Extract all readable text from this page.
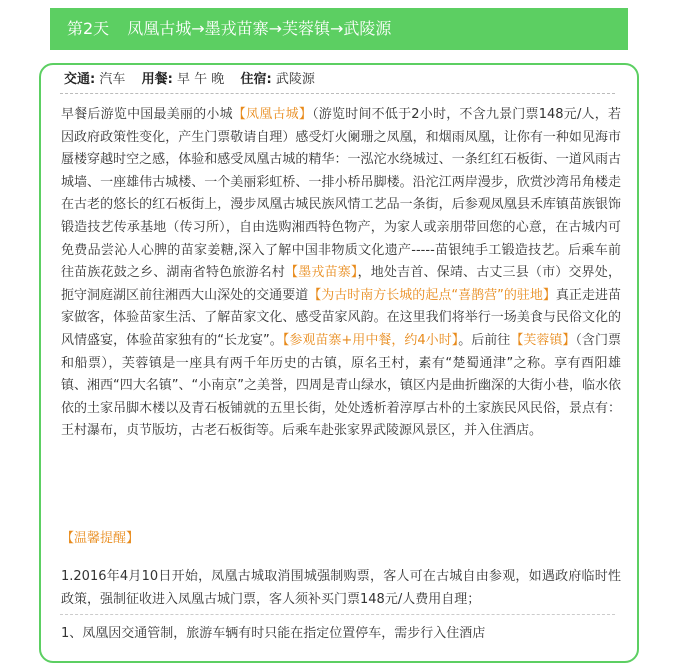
第2天 凤凰古城→墨戎苗寨→芙蓉镇→武陵源
交通: 汽车 用餐: 早 午 晚 住宿: 武陵源
早餐后游览中国最美丽的小城【凤凰古城】（游览时间不低于2小时，不含九景门票148元/人，若因政府政策性变化，产生门票敬请自理）感受灯火阑珊之凤凰，和烟雨凤凰，让你有一种如见海市蜃楼穿越时空之感，体验和感受凤凰古城的精华：一泓沱水绕城过、一条红红石板街、一道风雨古城墙、一座雄伟古城楼、一个美丽彩虹桥、一排小桥吊脚楼。沿沱江两岸漫步，欣赏沙湾吊角楼走在古老的悠长的红石板街上，漫步凤凰古城民族风情工艺品一条街，后参观凤凰县禾库镇苗族银饰锻造技艺传承基地（传习所），自由选购湘西特色物产，为家人或亲朋带回您的心意，在古城内可免费品尝沁人心脾的苗家姜糖,深入了解中国非物质文化遗产-----苗银纯手工锻造技艺。后乘车前往苗族花鼓之乡、湖南省特色旅游名村【墨戎苗寨】，地处吉首、保靖、古丈三县（市）交界处，扼守洞庭湖区前往湘西大山深处的交通要道【为古时南方长城的起点“喜鹊营”的驻地】真正走进苗家做客，体验苗家生活、了解苗家文化、感受苗家风韵。在这里我们将举行一场美食与民俗文化的风情盛宴，体验苗家独有的“长龙宴”。【参观苗寨+用中餐，约4小时】。后前往【芙蓉镇】（含门票和船票），芙蓉镇是一座具有两千年历史的古镇，原名王村，素有“楚蜀通津”之称。享有酉阳雄镇、湘西“四大名镇”、“小南京”之美誉，四周是青山绿水，镇区内是曲折幽深的大街小巷，临水依依的土家吊脚木楼以及青石板铺就的五里长街，处处透析着淳厚古朴的土家族民风民俗，景点有：王村瀑布，贞节版坊，古老石板街等。后乘车赴张家界武陵源风景区，并入住酒店。
【温馨提醒】
1.2016年4月10日开始，凤凰古城取消围城强制购票，客人可在古城自由参观，如遇政府临时性政策，强制征收进入凤凰古城门票，客人须补买门票148元/人费用自理；
1、凤凰因交通管制，旅游车辆有时只能在指定位置停车，需步行入住酒店
